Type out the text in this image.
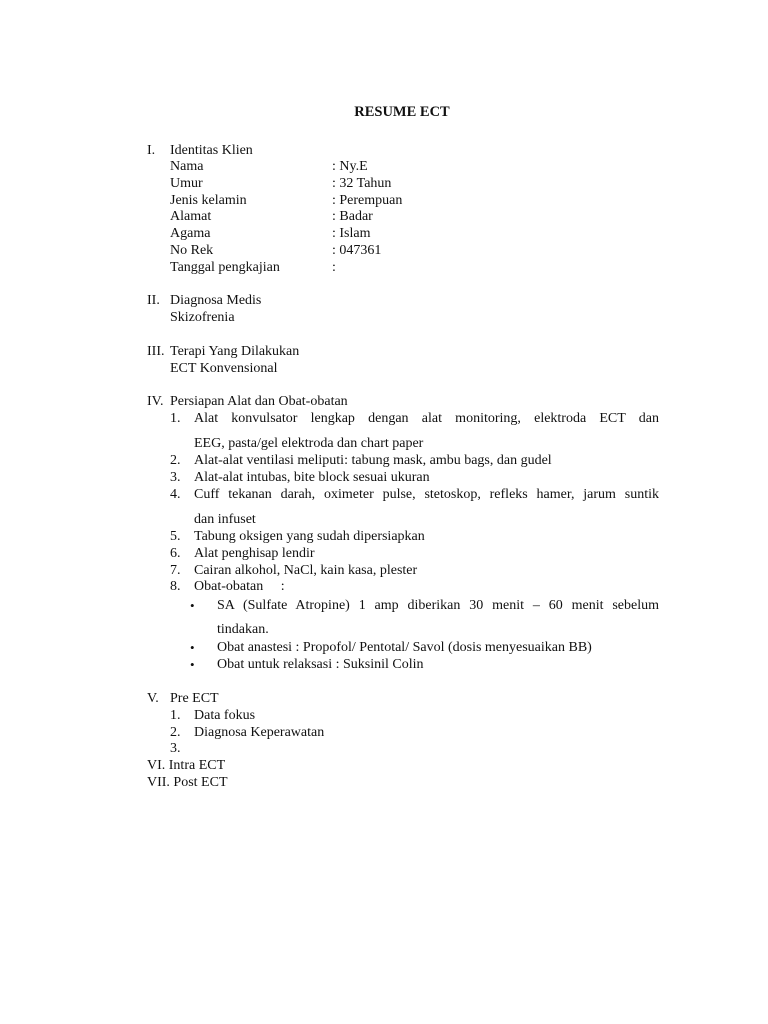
RESUME ECT
I. Identitas Klien
Nama	: Ny.E
Umur	: 32 Tahun
Jenis kelamin	: Perempuan
Alamat	: Badar
Agama	: Islam
No Rek	: 047361
Tanggal pengkajian	:
II. Diagnosa Medis
Skizofrenia
III. Terapi Yang Dilakukan
ECT Konvensional
IV. Persiapan Alat dan Obat-obatan
1. Alat konvulsator lengkap dengan alat monitoring, elektroda ECT dan
EEG, pasta/gel elektroda dan chart paper
2. Alat-alat ventilasi meliputi: tabung mask, ambu bags, dan gudel
3. Alat-alat intubas, bite block sesuai ukuran
4. Cuff tekanan darah, oximeter pulse, stetoskop, refleks hamer, jarum suntik
dan infuset
5. Tabung oksigen yang sudah dipersiapkan
6. Alat penghisap lendir
7. Cairan alkohol, NaCl, kain kasa, plester
8. Obat-obatan     :
• SA (Sulfate Atropine) 1 amp diberikan 30 menit – 60 menit sebelum
tindakan.
• Obat anastesi : Propofol/ Pentotal/ Savol (dosis menyesuaikan BB)
• Obat untuk relaksasi : Suksinil Colin
V. Pre ECT
1. Data fokus
2. Diagnosa Keperawatan
3.
VI. Intra ECT
VII. Post ECT
